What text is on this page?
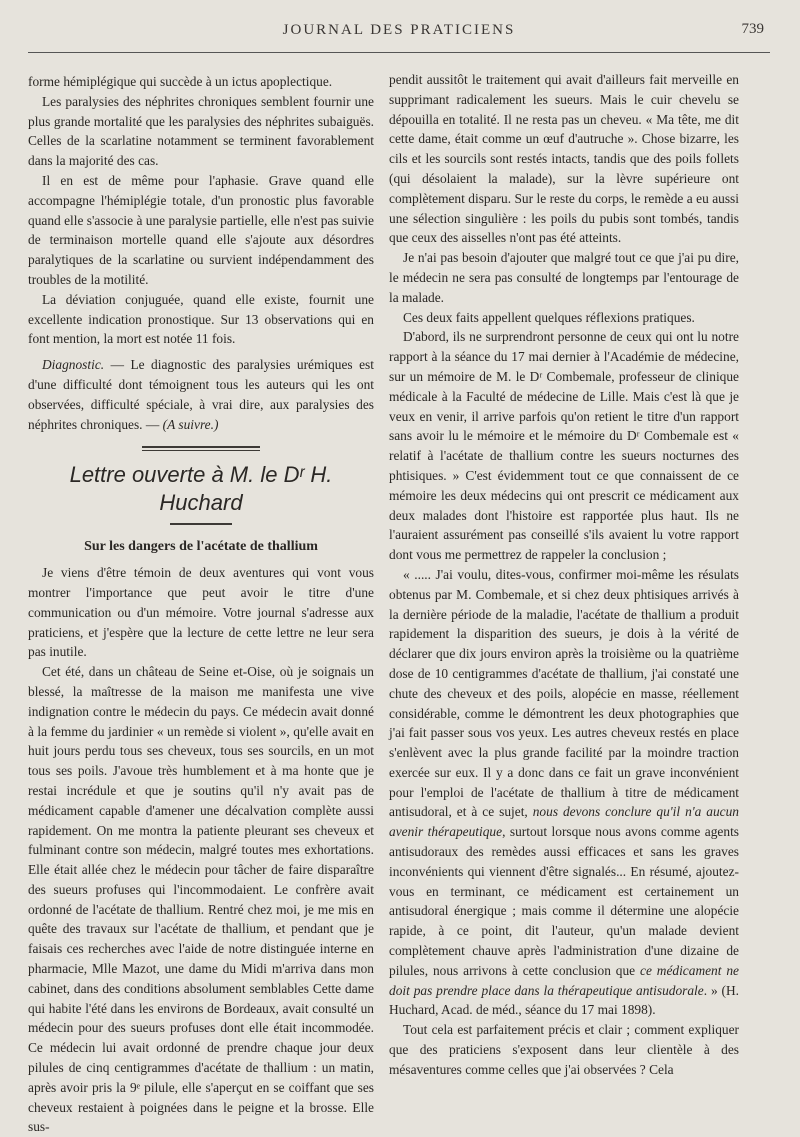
JOURNAL DES PRATICIENS	739

forme hémiplégique qui succède à un ictus apoplectique.

Les paralysies des néphrites chroniques semblent fournir une plus grande mortalité que les paralysies des néphrites subaiguës. Celles de la scarlatine notamment se terminent favorablement dans la majorité des cas.

Il en est de même pour l'aphasie. Grave quand elle accompagne l'hémiplégie totale, d'un pronostic plus favorable quand elle s'associe à une paralysie partielle, elle n'est pas suivie de terminaison mortelle quand elle s'ajoute aux désordres paralytiques de la scarlatine ou survient indépendamment des troubles de la motilité.

La déviation conjuguée, quand elle existe, fournit une excellente indication pronostique. Sur 13 observations qui en font mention, la mort est notée 11 fois.

Diagnostic. — Le diagnostic des paralysies urémiques est d'une difficulté dont témoignent tous les auteurs qui les ont observées, difficulté spéciale, à vrai dire, aux paralysies des néphrites chroniques. — (A suivre.)

Lettre ouverte à M. le Dʳ H. Huchard
Sur les dangers de l'acétate de thallium

Je viens d'être témoin de deux aventures qui vont vous montrer l'importance que peut avoir le titre d'une communication ou d'un mémoire. Votre journal s'adresse aux praticiens, et j'espère que la lecture de cette lettre ne leur sera pas inutile.

Cet été, dans un château de Seine et-Oise, où je soignais un blessé, la maîtresse de la maison me manifesta une vive indignation contre le médecin du pays. Ce médecin avait donné à la femme du jardinier « un remède si violent », qu'elle avait en huit jours perdu tous ses cheveux, tous ses sourcils, en un mot tous ses poils. J'avoue très humblement et à ma honte que je restai incrédule et que je soutins qu'il n'y avait pas de médicament capable d'amener une décalvation complète aussi rapidement. On me montra la patiente pleurant ses cheveux et fulminant contre son médecin, malgré toutes mes exhortations. Elle était allée chez le médecin pour tâcher de faire disparaître des sueurs profuses qui l'incommodaient. Le confrère avait ordonné de l'acétate de thallium. Rentré chez moi, je me mis en quête des travaux sur l'acétate de thallium, et pendant que je faisais ces recherches avec l'aide de notre distinguée interne en pharmacie, Mlle Mazot, une dame du Midi m'arriva dans mon cabinet, dans des conditions absolument semblables Cette dame qui habite l'été dans les environs de Bordeaux, avait consulté un médecin pour des sueurs profuses dont elle était incommodée. Ce médecin lui avait ordonné de prendre chaque jour deux pilules de cinq centigrammes d'acétate de thallium : un matin, après avoir pris la 9ᵉ pilule, elle s'aperçut en se coiffant que ses cheveux restaient à poignées dans le peigne et la brosse. Elle sus-

pendit aussitôt le traitement qui avait d'ailleurs fait merveille en supprimant radicalement les sueurs. Mais le cuir chevelu se dépouilla en totalité. Il ne resta pas un cheveu. « Ma tête, me dit cette dame, était comme un œuf d'autruche ». Chose bizarre, les cils et les sourcils sont restés intacts, tandis que des poils follets (qui désolaient la malade), sur la lèvre supérieure ont complètement disparu. Sur le reste du corps, le remède a eu aussi une sélection singulière : les poils du pubis sont tombés, tandis que ceux des aisselles n'ont pas été atteints.

Je n'ai pas besoin d'ajouter que malgré tout ce que j'ai pu dire, le médecin ne sera pas consulté de longtemps par l'entourage de la malade.

Ces deux faits appellent quelques réflexions pratiques.

D'abord, ils ne surprendront personne de ceux qui ont lu notre rapport à la séance du 17 mai dernier à l'Académie de médecine, sur un mémoire de M. le Dʳ Combemale, professeur de clinique médicale à la Faculté de médecine de Lille. Mais c'est là que je veux en venir, il arrive parfois qu'on retient le titre d'un rapport sans avoir lu le mémoire et le mémoire du Dʳ Combemale est « relatif à l'acétate de thallium contre les sueurs nocturnes des phtisiques. » C'est évidemment tout ce que connaissent de ce mémoire les deux médecins qui ont prescrit ce médicament aux deux malades dont l'histoire est rapportée plus haut. Ils ne l'auraient assurément pas conseillé s'ils avaient lu votre rapport dont vous me permettrez de rappeler la conclusion ;

« ..... J'ai voulu, dites-vous, confirmer moi-même les résulats obtenus par M. Combemale, et si chez deux phtisiques arrivés à la dernière période de la maladie, l'acétate de thallium a produit rapidement la disparition des sueurs, je dois à la vérité de déclarer que dix jours environ après la troisième ou la quatrième dose de 10 centigrammes d'acétate de thallium, j'ai constaté une chute des cheveux et des poils, alopécie en masse, réellement considérable, comme le démontrent les deux photographies que j'ai fait passer sous vos yeux. Les autres cheveux restés en place s'enlèvent avec la plus grande facilité par la moindre traction exercée sur eux. Il y a donc dans ce fait un grave inconvénient pour l'emploi de l'acétate de thallium à titre de médicament antisudoral, et à ce sujet, nous devons conclure qu'il n'a aucun avenir thérapeutique, surtout lorsque nous avons comme agents antisudoraux des remèdes aussi efficaces et sans les graves inconvénients qui viennent d'être signalés... En résumé, ajoutez-vous en terminant, ce médicament est certainement un antisudoral énergique ; mais comme il détermine une alopécie rapide, à ce point, dit l'auteur, qu'un malade devient complètement chauve après l'administration d'une dizaine de pilules, nous arrivons à cette conclusion que ce médicament ne doit pas prendre place dans la thérapeutique antisudorale. » (H. Huchard, Acad. de méd., séance du 17 mai 1898).

Tout cela est parfaitement précis et clair ; comment expliquer que des praticiens s'exposent dans leur clientèle à des mésaventures comme celles que j'ai observées ? Cela
